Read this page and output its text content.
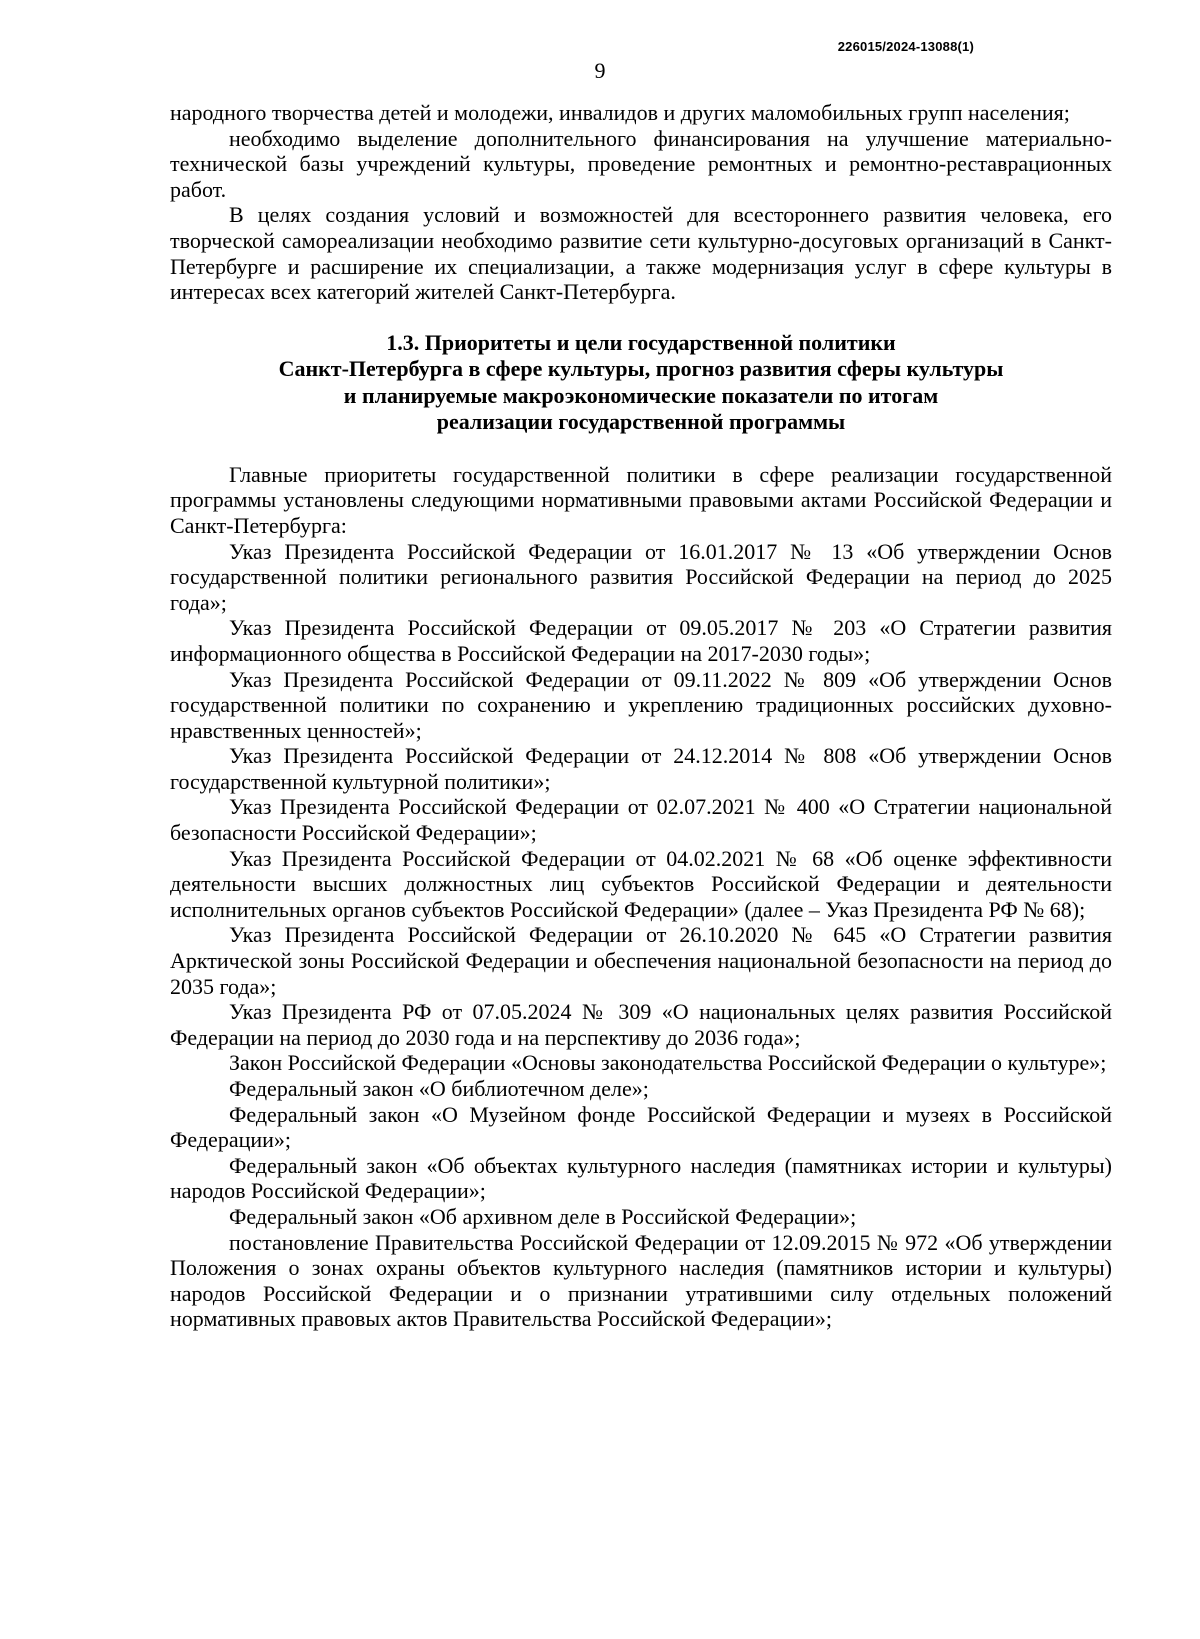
226015/2024-13088(1)
9

народного творчества детей и молодежи, инвалидов и других маломобильных групп населения;

необходимо выделение дополнительного финансирования на улучшение материально-технической базы учреждений культуры, проведение ремонтных и ремонтно-реставрационных работ.

В целях создания условий и возможностей для всестороннего развития человека, его творческой самореализации необходимо развитие сети культурно-досуговых организаций в Санкт-Петербурге и расширение их специализации, а также модернизация услуг в сфере культуры в интересах всех категорий жителей Санкт-Петербурга.

1.3. Приоритеты и цели государственной политики
Санкт-Петербурга в сфере культуры, прогноз развития сферы культуры
и планируемые макроэкономические показатели по итогам
реализации государственной программы

Главные приоритеты государственной политики в сфере реализации государственной программы установлены следующими нормативными правовыми актами Российской Федерации и Санкт-Петербурга:

Указ Президента Российской Федерации от 16.01.2017 № 13 «Об утверждении Основ государственной политики регионального развития Российской Федерации на период до 2025 года»;

Указ Президента Российской Федерации от 09.05.2017 № 203 «О Стратегии развития информационного общества в Российской Федерации на 2017-2030 годы»;

Указ Президента Российской Федерации от 09.11.2022 № 809 «Об утверждении Основ государственной политики по сохранению и укреплению традиционных российских духовно-нравственных ценностей»;

Указ Президента Российской Федерации от 24.12.2014 № 808 «Об утверждении Основ государственной культурной политики»;

Указ Президента Российской Федерации от 02.07.2021 № 400 «О Стратегии национальной безопасности Российской Федерации»;

Указ Президента Российской Федерации от 04.02.2021 № 68 «Об оценке эффективности деятельности высших должностных лиц субъектов Российской Федерации и деятельности исполнительных органов субъектов Российской Федерации» (далее – Указ Президента РФ № 68);

Указ Президента Российской Федерации от 26.10.2020 № 645 «О Стратегии развития Арктической зоны Российской Федерации и обеспечения национальной безопасности на период до 2035 года»;

Указ Президента РФ от 07.05.2024 № 309 «О национальных целях развития Российской Федерации на период до 2030 года и на перспективу до 2036 года»;

Закон Российской Федерации «Основы законодательства Российской Федерации о культуре»;

Федеральный закон «О библиотечном деле»;

Федеральный закон «О Музейном фонде Российской Федерации и музеях в Российской Федерации»;

Федеральный закон «Об объектах культурного наследия (памятниках истории и культуры) народов Российской Федерации»;

Федеральный закон «Об архивном деле в Российской Федерации»;

постановление Правительства Российской Федерации от 12.09.2015 № 972 «Об утверждении Положения о зонах охраны объектов культурного наследия (памятников истории и культуры) народов Российской Федерации и о признании утратившими силу отдельных положений нормативных правовых актов Правительства Российской Федерации»;
